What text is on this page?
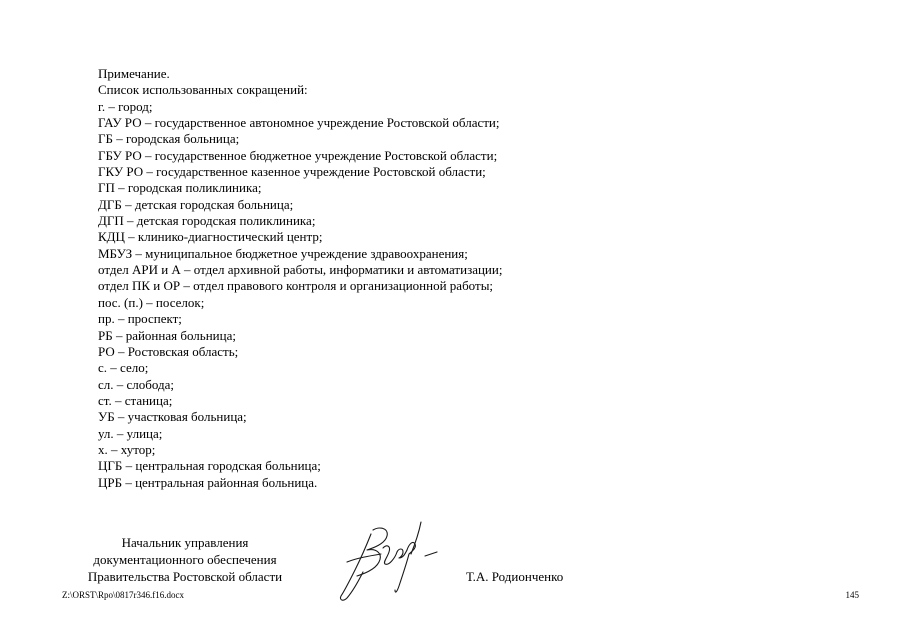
Примечание.
Список использованных сокращений:
г. – город;
ГАУ РО – государственное автономное учреждение Ростовской области;
ГБ – городская больница;
ГБУ РО – государственное бюджетное учреждение Ростовской области;
ГКУ РО – государственное казенное учреждение Ростовской области;
ГП – городская поликлиника;
ДГБ – детская городская больница;
ДГП – детская городская поликлиника;
КДЦ – клинико-диагностический центр;
МБУЗ – муниципальное бюджетное учреждение здравоохранения;
отдел АРИ и А – отдел архивной работы, информатики и автоматизации;
отдел ПК и ОР – отдел правового контроля и организационной работы;
пос. (п.) – поселок;
пр. – проспект;
РБ – районная больница;
РО – Ростовская область;
с. – село;
сл. – слобода;
ст. – станица;
УБ – участковая больница;
ул. – улица;
х. – хутор;
ЦГБ – центральная городская больница;
ЦРБ – центральная районная больница.
Начальник управления
документационного обеспечения
Правительства Ростовской области	Т.А. Родионченко
Z:\ORST\Rpo\0817r346.f16.docx	145
